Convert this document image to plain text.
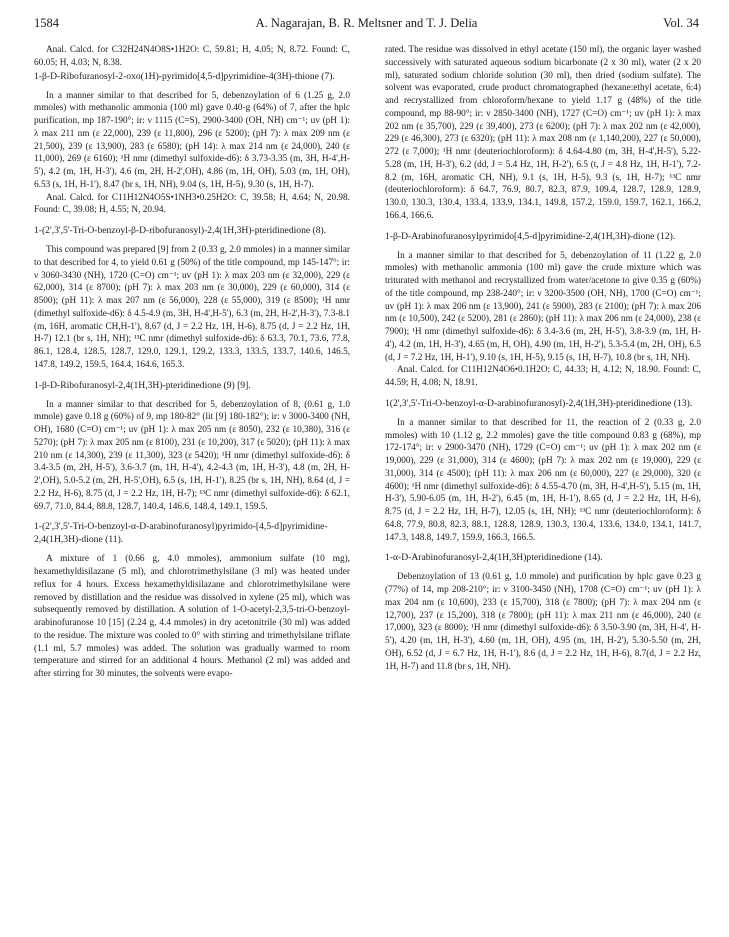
1584	A. Nagarajan, B. R. Meltsner and T. J. Delia	Vol. 34

Anal. Calcd. for C32H24N4O8S•1H2O: C, 59.81; H, 4.05; N, 8.72. Found: C, 60.05; H, 4.03; N, 8.38.

1-β-D-Ribofuranosyl-2-oxo(1H)-pyrimido[4,5-d]pyrimidine-4(3H)-thione (7).

In a manner similar to that described for 5, debenzoylation of 6 (1.25 g, 2.0 mmoles) with methanolic ammonia (100 ml) gave 0.40-g (64%) of 7, after the hplc purification, mp 187-190°; ir: ν 1115 (C=S), 2900-3400 (OH, NH) cm⁻¹; uv (pH 1): λ max 211 nm (ε 22,000), 239 (ε 11,800), 296 (ε 5200); (pH 7): λ max 209 nm (ε 21,500), 239 (ε 13,900), 283 (ε 6580); (pH 14): λ max 214 nm (ε 24,000), 240 (ε 11,000), 269 (ε 6160); ¹H nmr (dimethyl sulfoxide-d6): δ 3.73-3.35 (m, 3H, H-4',H-5'), 4.2 (m, 1H, H-3'), 4.6 (m, 2H, H-2',OH), 4.86 (m, 1H, OH), 5.03 (m, 1H, OH), 6.53 (s, 1H, H-1'), 8.47 (br s, 1H, NH), 9.04 (s, 1H, H-5), 9.30 (s, 1H, H-7).

Anal. Calcd. for C11H12N4O5S•1NH3•0.25H2O: C, 39.58; H, 4.64; N, 20.98. Found: C, 39.08; H, 4.55; N, 20.94.

1-(2',3',5'-Tri-O-benzoyl-β-D-ribofuranosyl)-2,4(1H,3H)-pteridinedione (8).

This compound was prepared [9] from 2 (0.33 g, 2.0 mmoles) in a manner similar to that described for 4, to yield 0.61 g (50%) of the title compound, mp 145-147°; ir: ν 3060-3430 (NH), 1720 (C=O) cm⁻¹; uv (pH 1): λ max 203 nm (ε 32,000), 229 (ε 62,000), 314 (ε 8700); (pH 7): λ max 203 nm (ε 30,000), 229 (ε 60,000), 314 (ε 8500); (pH 11): λ max 207 nm (ε 56,000), 228 (ε 55,000), 319 (ε 8500); ¹H nmr (dimethyl sulfoxide-d6): δ 4.5-4.9 (m, 3H, H-4',H-5'), 6.3 (m, 2H, H-2',H-3'), 7.3-8.1 (m, 16H, aromatic CH,H-1'), 8.67 (d, J = 2.2 Hz, 1H, H-6), 8.75 (d, J = 2.2 Hz, 1H, H-7) 12.1 (br s, 1H, NH); ¹³C nmr (dimethyl sulfoxide-d6): δ 63.3, 70.1, 73.6, 77.8, 86.1, 128.4, 128.5, 128.7, 129.0, 129.1, 129.2, 133.3, 133.5, 133.7, 140.6, 146.5, 147.8, 149.2, 159.5, 164.4, 164.6, 165.3.

1-β-D-Ribofuranosyl-2,4(1H,3H)-pteridinedione (9) [9].

In a manner similar to that described for 5, debenzoylation of 8, (0.61 g, 1.0 mmole) gave 0.18 g (60%) of 9, mp 180-82° (lit [9] 180-182°); ir: ν 3000-3400 (NH, OH), 1680 (C=O) cm⁻¹; uv (pH 1): λ max 205 nm (ε 8050), 232 (ε 10,380), 316 (ε 5270); (pH 7): λ max 205 nm (ε 8100), 231 (ε 10,200), 317 (ε 5020); (pH 11): λ max 210 nm (ε 14,300), 239 (ε 11,300), 323 (ε 5420); ¹H nmr (dimethyl sulfoxide-d6): δ 3.4-3.5 (m, 2H, H-5'), 3.6-3.7 (m, 1H, H-4'), 4.2-4.3 (m, 1H, H-3'), 4.8 (m, 2H, H-2',OH), 5.0-5.2 (m, 2H, H-5',OH), 6.5 (s, 1H, H-1'), 8.25 (br s, 1H, NH), 8.64 (d, J = 2.2 Hz, H-6), 8.75 (d, J = 2.2 Hz, 1H, H-7); ¹³C nmr (dimethyl sulfoxide-d6): δ 62.1, 69.7, 71.0, 84.4, 88.8, 128.7, 140.4, 146.6, 148.4, 149.1, 159.5.

1-(2',3',5'-Tri-O-benzoyl-α-D-arabinofuranosyl)pyrimido-[4,5-d]pyrimidine-2,4(1H,3H)-dione (11).

A mixture of 1 (0.66 g, 4.0 mmoles), ammonium sulfate (10 mg), hexamethyldisilazane (5 ml), and chlorotrimethylsilane (3 ml) was heated under reflux for 4 hours. Excess hexamethyldisilazane and chlorotrimethylsilane were removed by distillation and the residue was dissolved in xylene (25 ml), which was subsequently removed by distillation. A solution of 1-O-acetyl-2,3,5-tri-O-benzoyl-arabinofuranose 10 [15] (2.24 g, 4.4 mmoles) in dry acetonitrile (30 ml) was added to the residue. The mixture was cooled to 0° with stirring and trimethylsilane triflate (1.1 ml, 5.7 mmoles) was added. The solution was gradually warmed to room temperature and stirred for an additional 4 hours. Methanol (2 ml) was added and after stirring for 30 minutes, the solvents were evapo-

rated. The residue was dissolved in ethyl acetate (150 ml), the organic layer washed successively with saturated aqueous sodium bicarbonate (2 x 30 ml), water (2 x 20 ml), saturated sodium chloride solution (30 ml), then dried (sodium sulfate). The solvent was evaporated, crude product chromatographed (hexane:ethyl acetate, 6:4) and recrystallized from chloroform/hexane to yield 1.17 g (48%) of the title compound, mp 88-90°; ir: ν 2850-3400 (NH), 1727 (C=O) cm⁻¹; uv (pH 1): λ max 202 nm (ε 35,700), 229 (ε 39,400), 273 (ε 6200); (pH 7): λ max 202 nm (ε 42,000), 229 (ε 46,300), 273 (ε 6320); (pH 11): λ max 208 nm (ε 1,140,200), 227 (ε 50,000), 272 (ε 7,000); ¹H nmr (deuteriochloroform): δ 4.64-4.80 (m, 3H, H-4',H-5'), 5.22-5.28 (m, 1H, H-3'), 6.2 (dd, J = 5.4 Hz, 1H, H-2'), 6.5 (t, J = 4.8 Hz, 1H, H-1'), 7.2-8.2 (m, 16H, aromatic CH, NH), 9.1 (s, 1H, H-5), 9.3 (s, 1H, H-7); ¹³C nmr (deuteriochloroform): δ 64.7, 76.9, 80.7, 82.3, 87.9, 109.4, 128.7, 128.9, 128.9, 130.0, 130.3, 130.4, 133.4, 133.9, 134.1, 149.8, 157.2, 159.0, 159.7, 162.1, 166.2, 166.4, 166.6.

1-β-D-Arabinofuranosylpyrimido[4,5-d]pyrimidine-2,4(1H,3H)-dione (12).

In a manner similar to that described for 5, debenzoylation of 11 (1.22 g, 2.0 mmoles) with methanolic ammonia (100 ml) gave the crude mixture which was triturated with methanol and recrystallized from water/acetone to give 0.35 g (60%) of the title compound, mp 238-240°; ir: ν 3200-3500 (OH, NH), 1700 (C=O) cm⁻¹; uv (pH 1): λ max 206 nm (ε 13,900), 241 (ε 5900), 283 (ε 2100); (pH 7): λ max 206 nm (ε 10,500), 242 (ε 5200), 281 (ε 2860); (pH 11): λ max 206 nm (ε 24,000), 238 (ε 7900); ¹H nmr (dimethyl sulfoxide-d6): δ 3.4-3.6 (m, 2H, H-5'), 3.8-3.9 (m, 1H, H-4'), 4.2 (m, 1H, H-3'), 4.65 (m, H, OH), 4.90 (m, 1H, H-2'), 5.3-5.4 (m, 2H, OH), 6.5 (d, J = 7.2 Hz, 1H, H-1'), 9.10 (s, 1H, H-5), 9.15 (s, 1H, H-7), 10.8 (br s, 1H, NH).

Anal. Calcd. for C11H12N4O6•0.1H2O: C, 44.33; H, 4.12; N, 18.90. Found: C, 44.59; H, 4.08; N, 18.91.

1(2',3',5'-Tri-O-benzoyl-α-D-arabinofuranosyl)-2,4(1H,3H)-pteridinedione (13).

In a manner similar to that described for 11, the reaction of 2 (0.33 g, 2.0 mmoles) with 10 (1.12 g, 2.2 mmoles) gave the title compound 0.83 g (68%), mp 172-174°; ir: ν 2900-3470 (NH), 1729 (C=O) cm⁻¹; uv (pH 1): λ max 202 nm (ε 19,000), 229 (ε 31,000), 314 (ε 4600); (pH 7): λ max 202 nm (ε 19,000), 229 (ε 31,000), 314 (ε 4500); (pH 11): λ max 206 nm (ε 60,000), 227 (ε 29,000), 320 (ε 4600); ¹H nmr (dimethyl sulfoxide-d6): δ 4.55-4.70 (m, 3H, H-4',H-5'), 5.15 (m, 1H, H-3'), 5.90-6.05 (m, 1H, H-2'), 6.45 (m, 1H, H-1'), 8.65 (d, J = 2.2 Hz, 1H, H-6), 8.75 (d, J = 2.2 Hz, 1H, H-7), 12.05 (s, 1H, NH); ¹³C nmr (deuteriochloroform): δ 64.8, 77.9, 80.8, 82.3, 88.1, 128.8, 128.9, 130.3, 130.4, 133.6, 134.0, 134.1, 141.7, 147.3, 148.8, 149.7, 159.9, 166.3, 166.5.

1-α-D-Arabinofuranosyl-2,4(1H,3H)pteridinedione (14).

Debenzoylation of 13 (0.61 g, 1.0 mmole) and purification by hplc gave 0.23 g (77%) of 14, mp 208-210°; ir: ν 3100-3450 (NH), 1708 (C=O) cm⁻¹; uv (pH 1): λ max 204 nm (ε 10,600), 233 (ε 15,700), 318 (ε 7800); (pH 7): λ max 204 nm (ε 12,700), 237 (ε 15,200), 318 (ε 7800); (pH 11): λ max 211 nm (ε 46,000), 240 (ε 17,000), 323 (ε 8000); ¹H nmr (dimethyl sulfoxide-d6): δ 3.50-3.90 (m, 3H, H-4', H-5'), 4.20 (m, 1H, H-3'), 4.60 (m, 1H, OH), 4.95 (m, 1H, H-2'), 5.30-5.50 (m, 2H, OH), 6.52 (d, J = 6.7 Hz, 1H, H-1'), 8.6 (d, J = 2.2 Hz, 1H, H-6), 8.7(d, J = 2.2 Hz, 1H, H-7) and 11.8 (br s, 1H, NH).
